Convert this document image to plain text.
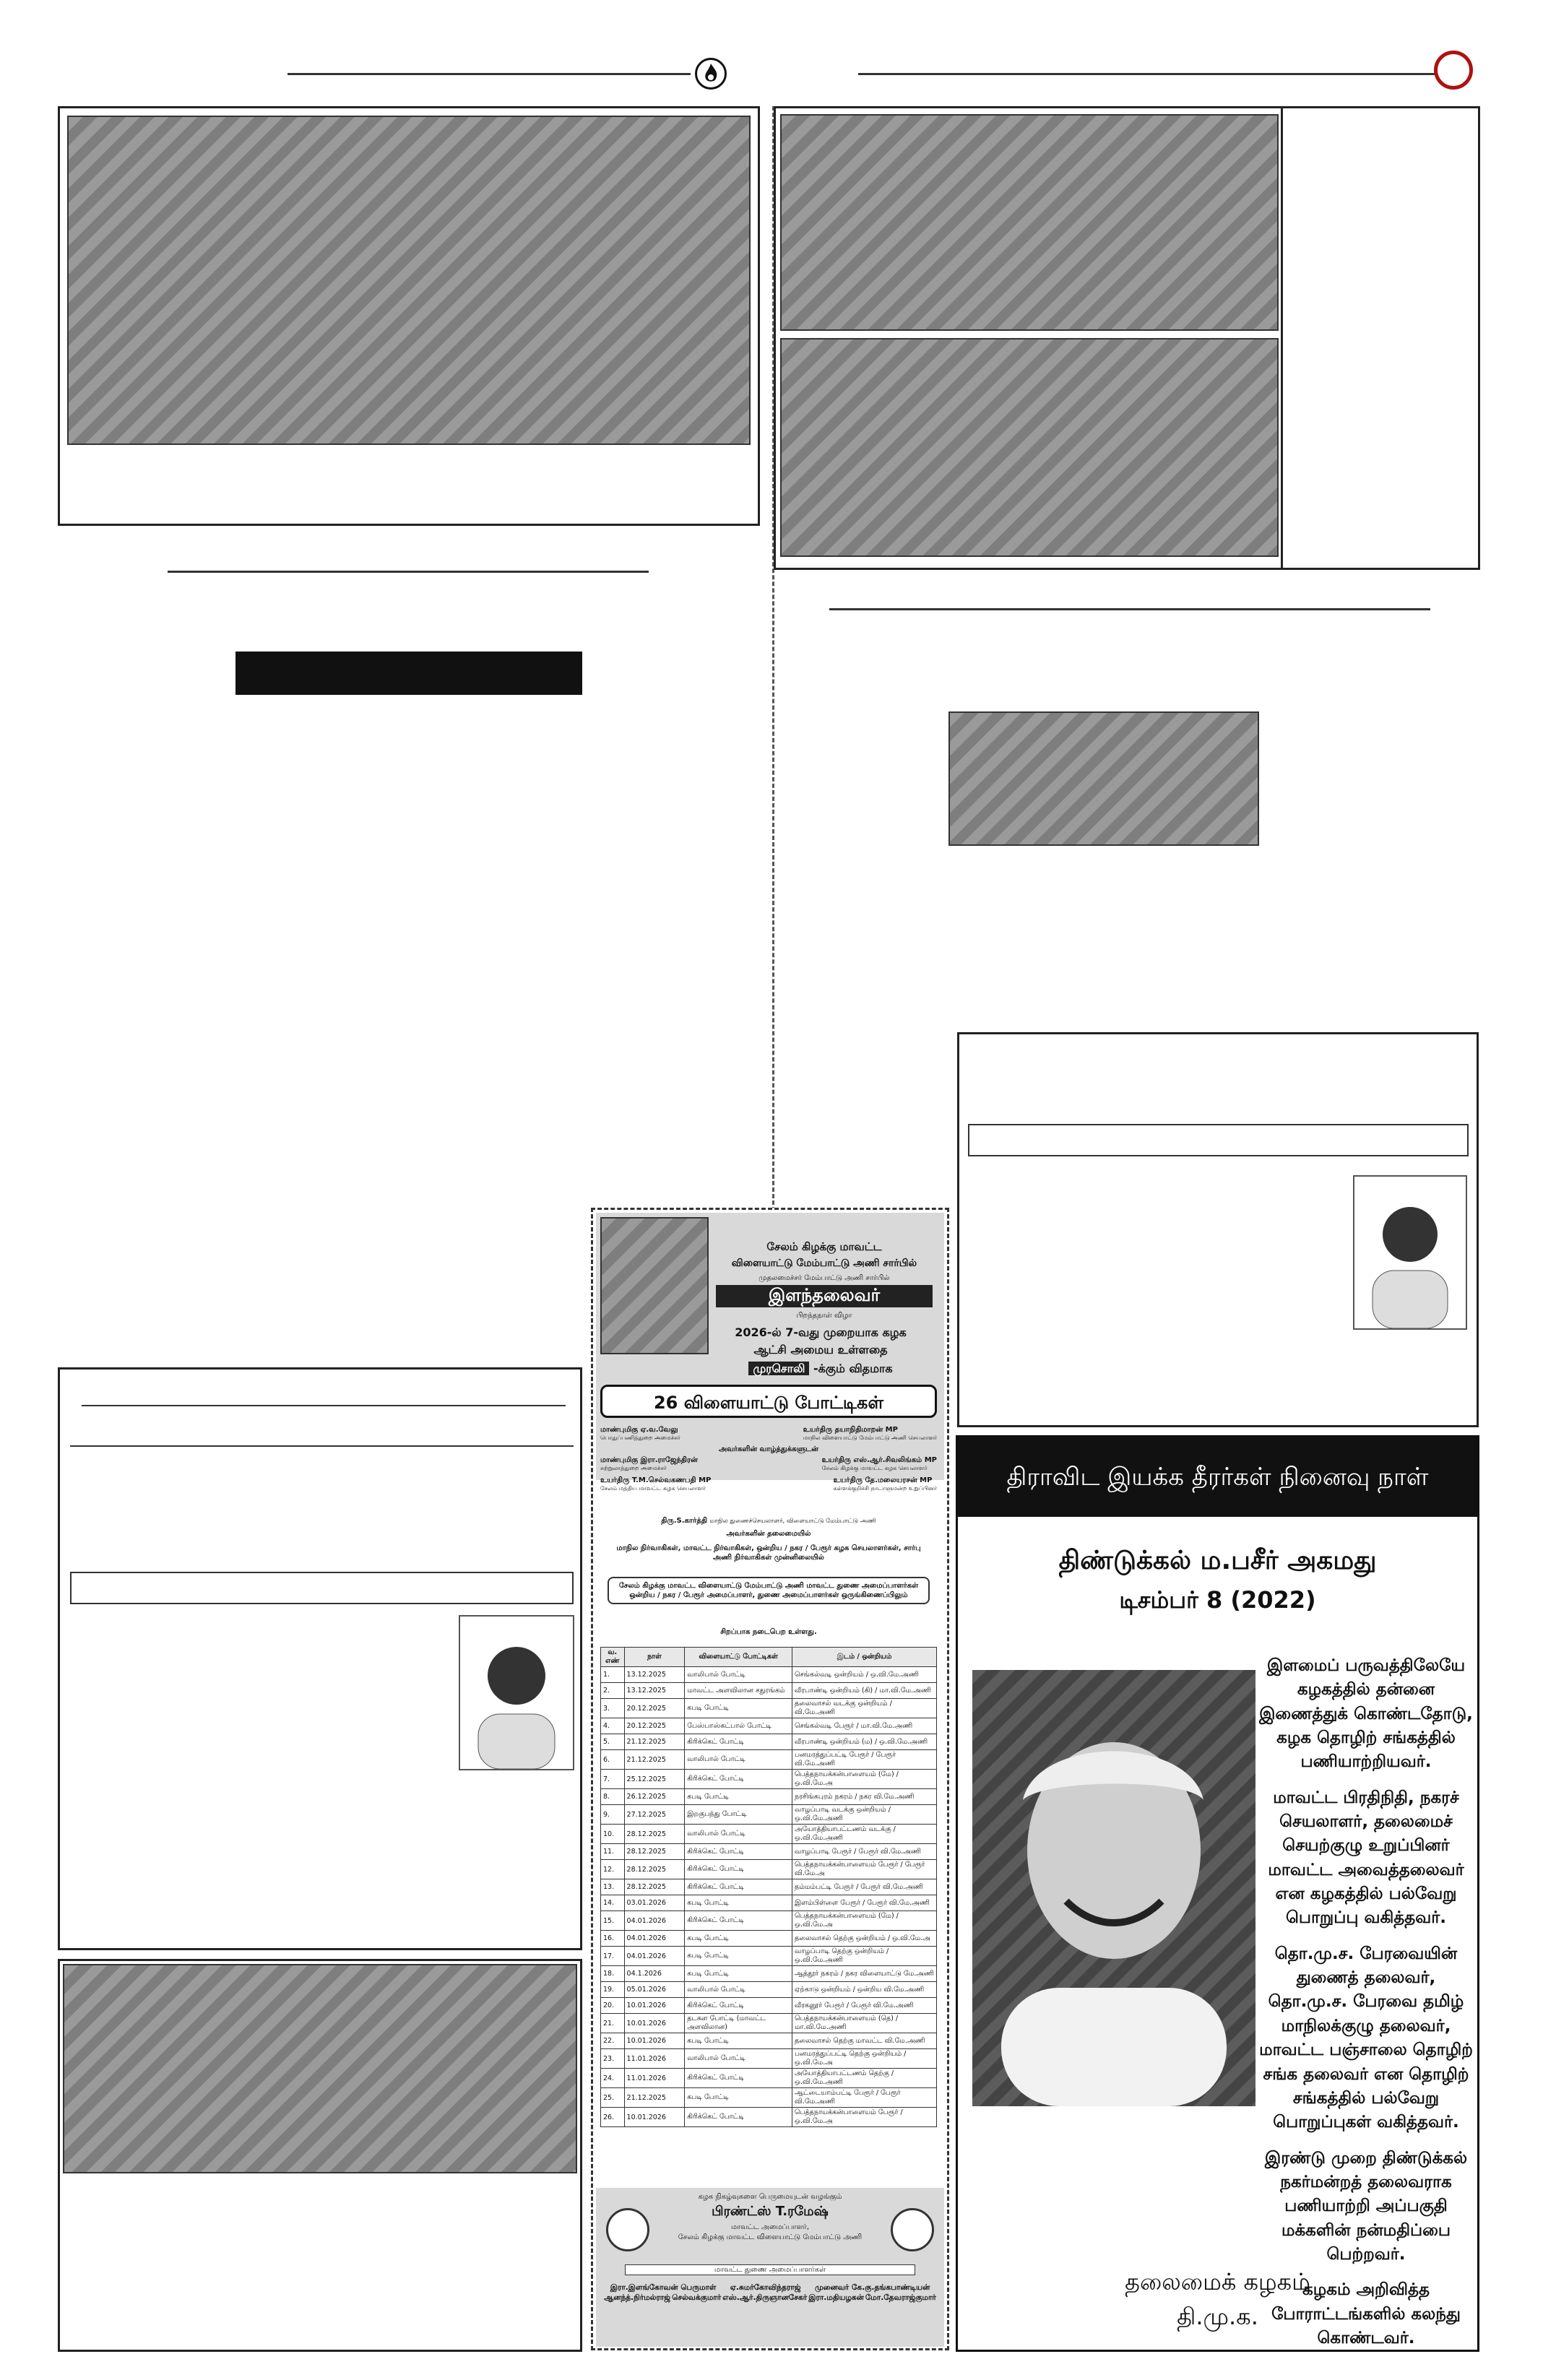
சேலம் கிழக்கு மாவட்ட
விளையாட்டு மேம்பாட்டு அணி சார்பில்
முதலமைச்சர் மேம்பாட்டு அணி சார்பில்
இளந்தலைவர்
பிறந்தநாள் விழா
2026-ல் 7-வது முறையாக கழக
ஆட்சி அமைய உள்ளதை
முரசொலி -க்கும் விதமாக
26 விளையாட்டு போட்டிகள்
மாண்புமிகு ஏ.வ.வேலு
பொதுப்பணித்துறை அமைச்சர்
உயர்திரு தயாநிதிமாறன் MP
மாநில விளையாட்டு மேம்பாட்டு அணி செயலாளர்
அவர்களின் வாழ்த்துக்களுடன்
மாண்புமிகு இரா.ராஜேந்திரன்
சுற்றுலாத்துறை அமைச்சர்
உயர்திரு எஸ்.ஆர்.சிவலிங்கம் MP
சேலம் கிழக்கு மாவட்ட கழக செயலாளர்
உயர்திரு T.M.செல்வகணபதி MP
சேலம் மத்திய மாவட்ட கழக செயலாளர்
உயர்திரு தே.மலையரசன் MP
கள்ளக்குறிச்சி நாடாளுமன்ற உறுப்பினர்
திரு.S.கார்த்தி மாநில துணைச்செயலாளர், விளையாட்டு மேம்பாட்டு அணி
அவர்களின் தலைமையில்
மாநில நிர்வாகிகள், மாவட்ட நிர்வாகிகள், ஒன்றிய / நகர / பேரூர் கழக செயலாளர்கள், சார்பு அணி நிர்வாகிகள் முன்னிலையில்
சேலம் கிழக்கு மாவட்ட விளையாட்டு மேம்பாட்டு அணி மாவட்ட துணை அமைப்பாளர்கள் ஒன்றிய / நகர / பேரூர் அமைப்பாளர், துணை அமைப்பாளர்கள் ஒருங்கிணைப்பிலும்
சிறப்பாக நடைபெற உள்ளது.
வ. எண்	நாள்	விளையாட்டு போட்டிகள்	இடம் / ஒன்றியம்
1.	13.12.2025	வாலிபால் போட்டி	செங்கல்வடி ஒன்றியம் / ஒ.வி.மே.அணி
2.	13.12.2025	மாவட்ட அளவிலான சதுரங்கம்	வீரபாண்டி ஒன்றியம் (கி) / மா.வி.மே.அணி
3.	20.12.2025	கபடி போட்டி	தலைவாசல் வடக்கு ஒன்றியம் / வி.மே.அணி
4.	20.12.2025	பேஸ்பாஸ்கட்பால் போட்டி	செங்கல்வடி பேரூர் / மா.வி.மே.அணி
5.	21.12.2025	கிரிக்கெட் போட்டி	வீரபாண்டி ஒன்றியம் (ம) / ஒ.வி.மே.அணி
6.	21.12.2025	வாலிபால் போட்டி	பனமரத்துப்பட்டி பேரூர் / பேரூர் வி.மே.அணி
7.	25.12.2025	கிரிக்கெட் போட்டி	பெத்தநாயக்கன்பாளையம் (மே) / ஒ.வி.மே.அ
8.	26.12.2025	கபடி போட்டி	நரசிங்கபுரம் நகரம் / நகர வி.மே.அணி
9.	27.12.2025	இறகுபந்து போட்டி	வாழப்பாடி வடக்கு ஒன்றியம் / ஒ.வி.மே.அணி
10.	28.12.2025	வாலிபால் போட்டி	அயோத்தியாபட்டணம் வடக்கு / ஒ.வி.மே.அணி
11.	28.12.2025	கிரிக்கெட் போட்டி	வாழப்பாடி பேரூர் / பேரூர் வி.மே.அணி
12.	28.12.2025	கிரிக்கெட் போட்டி	பெத்தநாயக்கன்பாளையம் பேரூர் / பேரூர் வி.மே.அ
13.	28.12.2025	கிரிக்கெட் போட்டி	தம்மம்பட்டி பேரூர் / பேரூர் வி.மே.அணி
14.	03.01.2026	கபடி போட்டி	இளம்பிள்ளை பேரூர் / பேரூர் வி.மே.அணி
15.	04.01.2026	கிரிக்கெட் போட்டி	பெத்தநாயக்கன்பாளையம் (மே) / ஒ.வி.மே.அ
16.	04.01.2026	கபடி போட்டி	தலைவாசல் தெற்கு ஒன்றியம் / ஒ.வி.மே.அ
17.	04.01.2026	கபடி போட்டி	வாழப்பாடி தெற்கு ஒன்றியம் / ஒ.வி.மே.அணி
18.	04.1.2026	கபடி போட்டி	ஆத்தூர் நகரம் / நகர விளையாட்டு மே.அணி
19.	05.01.2026	வாலிபால் போட்டி	ஏற்காடு ஒன்றியம் / ஒன்றிய வி.மே.அணி
20.	10.01.2026	கிரிக்கெட் போட்டி	வீரகனூர் பேரூர் / பேரூர் வி.மே.அணி
21.	10.01.2026	தடகள போட்டி (மாவட்ட அளவிலான)	பெத்தநாயக்கன்பாளையம் (தெ) / மா.வி.மே.அணி
22.	10.01.2026	கபடி போட்டி	தலைவாசல் தெற்கு மாவட்ட வி.மே.அணி
23.	11.01.2026	வாலிபால் போட்டி	பனமரத்துப்பட்டி தெற்கு ஒன்றியம் / ஒ.வி.மே.அ
24.	11.01.2026	கிரிக்கெட் போட்டி	அயோத்தியாபட்டணம் தெற்கு / ஒ.வி.மே.அணி
25.	21.12.2025	கபடி போட்டி	ஆட்டையாம்பட்டி பேரூர் / பேரூர் வி.மே.அணி
26.	10.01.2026	கிரிக்கெட் போட்டி	பெத்தநாயக்கன்பாளையம் பேரூர் / ஒ.வி.மே.அ
கழக நிகழ்வுகளை பெருமையுடன் வழங்கும்
பிரண்ட்ஸ் T.ரமேஷ்
மாவட்ட அமைப்பாளர்,
சேலம் கிழக்கு மாவட்ட விளையாட்டு மேம்பாட்டு அணி
மாவட்ட துணை அமைப்பாளர்கள்
இரா.இளங்கோவன் பெருமாள் ஏ.சுமர்கோவிந்தராஜ் முனைவர் கே.கு.தங்கபாண்டியன்
ஆனந்த்.நிர்மல்ராஜ் செல்வக்குமார் எஸ்.ஆர்.திருஞானசேகர் இரா.மதியழகன் மோ.தேவராஜ்குமார்
திராவிட இயக்க தீரர்கள் நினைவு நாள்
திண்டுக்கல் ம.பசீர் அகமது
டிசம்பர் 8 (2022)

இளமைப் பருவத்திலேயே கழகத்தில் தன்னை இணைத்துக் கொண்டதோடு, கழக தொழிற் சங்கத்தில் பணியாற்றியவர்.

மாவட்ட பிரதிநிதி, நகரச் செயலாளர், தலைமைச் செயற்குழு உறுப்பினர் மாவட்ட அவைத்தலைவர் என கழகத்தில் பல்வேறு பொறுப்பு வகித்தவர்.

தொ.மு.ச. பேரவையின் துணைத் தலைவர், தொ.மு.ச. பேரவை தமிழ் மாநிலக்குழு தலைவர், மாவட்ட பஞ்சாலை தொழிற் சங்க தலைவர் என தொழிற் சங்கத்தில் பல்வேறு பொறுப்புகள் வகித்தவர்.

இரண்டு முறை திண்டுக்கல் நகர்மன்றத் தலைவராக பணியாற்றி அப்பகுதி மக்களின் நன்மதிப்பை பெற்றவர்.

கழகம் அறிவித்த போராட்டங்களில் கலந்து கொண்டவர்.

தலைமைக் கழகம்
தி.மு.க.
